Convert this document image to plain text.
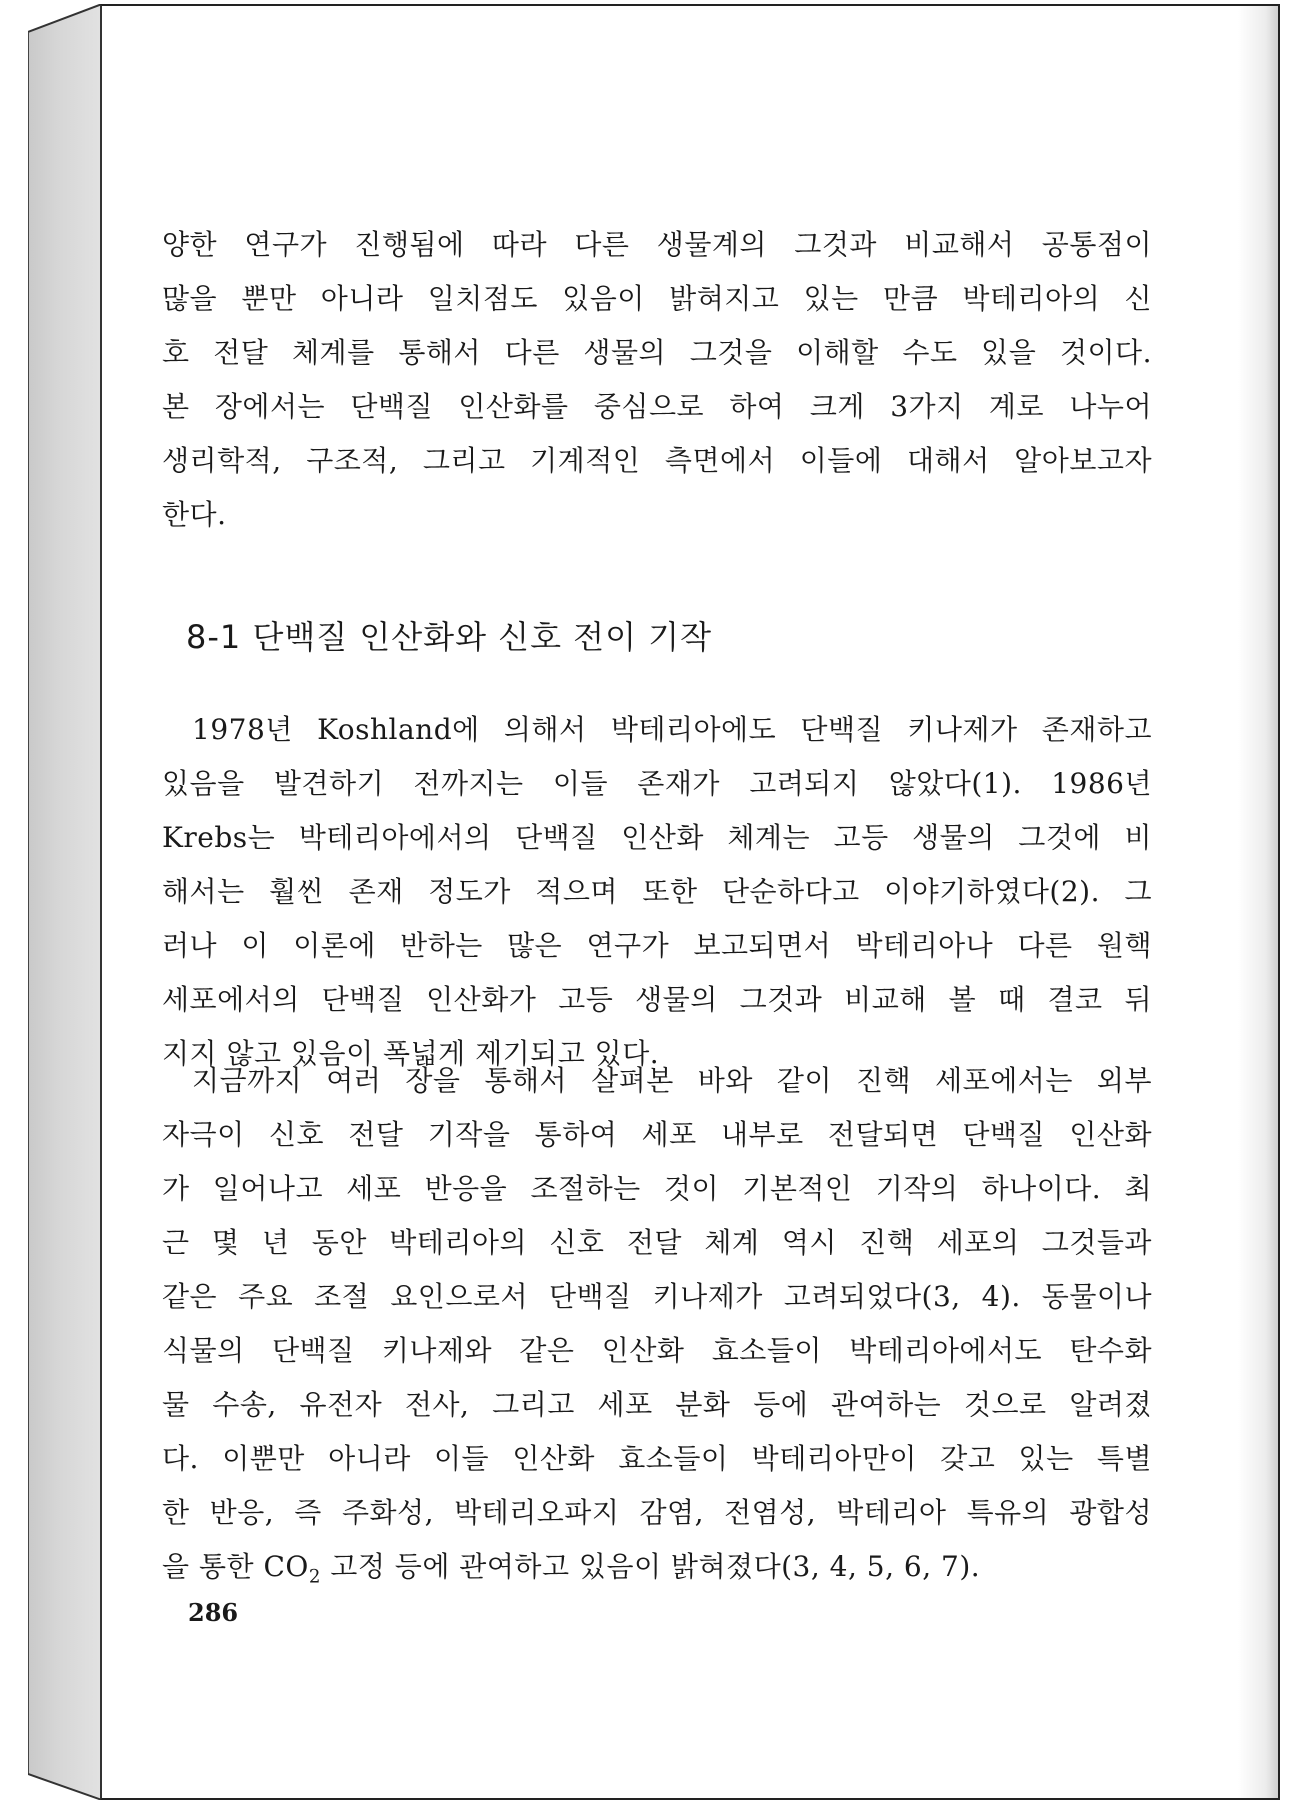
양한 연구가 진행됨에 따라 다른 생물계의 그것과 비교해서 공통점이
많을 뿐만 아니라 일치점도 있음이 밝혀지고 있는 만큼 박테리아의 신
호 전달 체계를 통해서 다른 생물의 그것을 이해할 수도 있을 것이다.
본 장에서는 단백질 인산화를 중심으로 하여 크게 3가지 계로 나누어
생리학적, 구조적, 그리고 기계적인 측면에서 이들에 대해서 알아보고자
한다.
8-1 단백질 인산화와 신호 전이 기작
1978년 Koshland에 의해서 박테리아에도 단백질 키나제가 존재하고
있음을 발견하기 전까지는 이들 존재가 고려되지 않았다(1). 1986년
Krebs는 박테리아에서의 단백질 인산화 체계는 고등 생물의 그것에 비
해서는 훨씬 존재 정도가 적으며 또한 단순하다고 이야기하였다(2). 그
러나 이 이론에 반하는 많은 연구가 보고되면서 박테리아나 다른 원핵
세포에서의 단백질 인산화가 고등 생물의 그것과 비교해 볼 때 결코 뒤
지지 않고 있음이 폭넓게 제기되고 있다.
지금까지 여러 장을 통해서 살펴본 바와 같이 진핵 세포에서는 외부
자극이 신호 전달 기작을 통하여 세포 내부로 전달되면 단백질 인산화
가 일어나고 세포 반응을 조절하는 것이 기본적인 기작의 하나이다. 최
근 몇 년 동안 박테리아의 신호 전달 체계 역시 진핵 세포의 그것들과
같은 주요 조절 요인으로서 단백질 키나제가 고려되었다(3, 4). 동물이나
식물의 단백질 키나제와 같은 인산화 효소들이 박테리아에서도 탄수화
물 수송, 유전자 전사, 그리고 세포 분화 등에 관여하는 것으로 알려졌
다. 이뿐만 아니라 이들 인산화 효소들이 박테리아만이 갖고 있는 특별
한 반응, 즉 주화성, 박테리오파지 감염, 전염성, 박테리아 특유의 광합성
을 통한 $CO_2$ 고정 등에 관여하고 있음이 밝혀졌다(3, 4, 5, 6, 7).
286
